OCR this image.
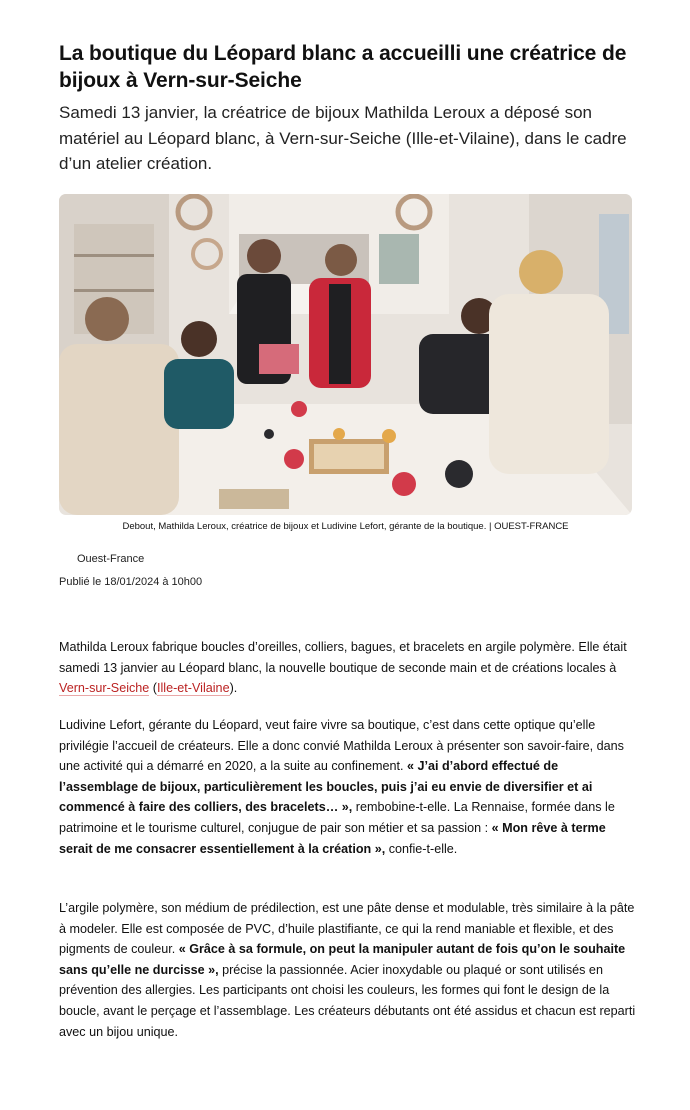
La boutique du Léopard blanc a accueilli une créatrice de bijoux à Vern-sur-Seiche

Samedi 13 janvier, la créatrice de bijoux Mathilda Leroux a déposé son matériel au Léopard blanc, à Vern-sur-Seiche (Ille-et-Vilaine), dans le cadre d’un atelier création.

Debout, Mathilda Leroux, créatrice de bijoux et Ludivine Lefort, gérante de la boutique. | OUEST-FRANCE
Ouest-France
Publié le 18/01/2024 à 10h00

Mathilda Leroux fabrique boucles d’oreilles, colliers, bagues, et bracelets en argile polymère. Elle était samedi 13 janvier au Léopard blanc, la nouvelle boutique de seconde main et de créations locales à Vern-sur-Seiche (Ille-et-Vilaine).

Ludivine Lefort, gérante du Léopard, veut faire vivre sa boutique, c’est dans cette optique qu’elle privilégie l’accueil de créateurs. Elle a donc convié Mathilda Leroux à présenter son savoir-faire, dans une activité qui a démarré en 2020, a la suite au confinement. « J’ai d’abord effectué de l’assemblage de bijoux, particulièrement les boucles, puis j’ai eu envie de diversifier et ai commencé à faire des colliers, des bracelets… », rembobine-t-elle. La Rennaise, formée dans le patrimoine et le tourisme culturel, conjugue de pair son métier et sa passion : « Mon rêve à terme serait de me consacrer essentiellement à la création », confie-t-elle.

L’argile polymère, son médium de prédilection, est une pâte dense et modulable, très similaire à la pâte à modeler. Elle est composée de PVC, d’huile plastifiante, ce qui la rend maniable et flexible, et des pigments de couleur. « Grâce à sa formule, on peut la manipuler autant de fois qu’on le souhaite sans qu’elle ne durcisse », précise la passionnée. Acier inoxydable ou plaqué or sont utilisés en prévention des allergies. Les participants ont choisi les couleurs, les formes qui font le design de la boucle, avant le perçage et l’assemblage. Les créateurs débutants ont été assidus et chacun est reparti avec un bijou unique.
